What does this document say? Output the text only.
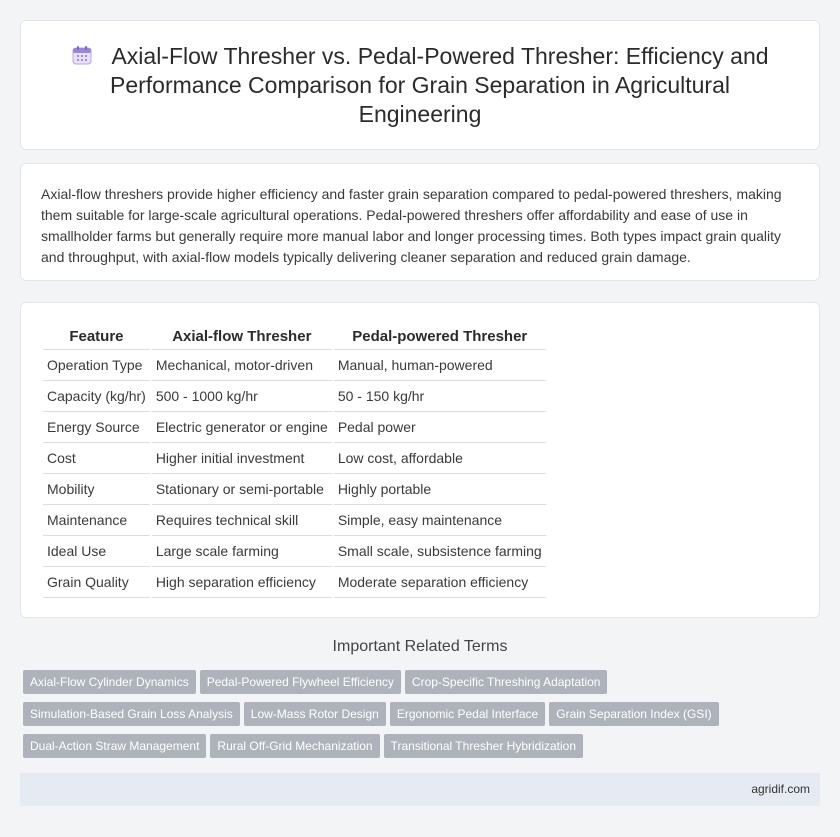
Axial-Flow Thresher vs. Pedal-Powered Thresher: Efficiency and Performance Comparison for Grain Separation in Agricultural Engineering

Axial-flow threshers provide higher efficiency and faster grain separation compared to pedal-powered threshers, making them suitable for large-scale agricultural operations. Pedal-powered threshers offer affordability and ease of use in smallholder farms but generally require more manual labor and longer processing times. Both types impact grain quality and throughput, with axial-flow models typically delivering cleaner separation and reduced grain damage.

Feature	Axial-flow Thresher	Pedal-powered Thresher
Operation Type	Mechanical, motor-driven	Manual, human-powered
Capacity (kg/hr)	500 - 1000 kg/hr	50 - 150 kg/hr
Energy Source	Electric generator or engine	Pedal power
Cost	Higher initial investment	Low cost, affordable
Mobility	Stationary or semi-portable	Highly portable
Maintenance	Requires technical skill	Simple, easy maintenance
Ideal Use	Large scale farming	Small scale, subsistence farming
Grain Quality	High separation efficiency	Moderate separation efficiency
Important Related Terms
Axial-Flow Cylinder Dynamics Pedal-Powered Flywheel Efficiency Crop-Specific Threshing Adaptation
Simulation-Based Grain Loss Analysis Low-Mass Rotor Design Ergonomic Pedal Interface Grain Separation Index (GSI)
Dual-Action Straw Management Rural Off-Grid Mechanization Transitional Thresher Hybridization
agridif.com
